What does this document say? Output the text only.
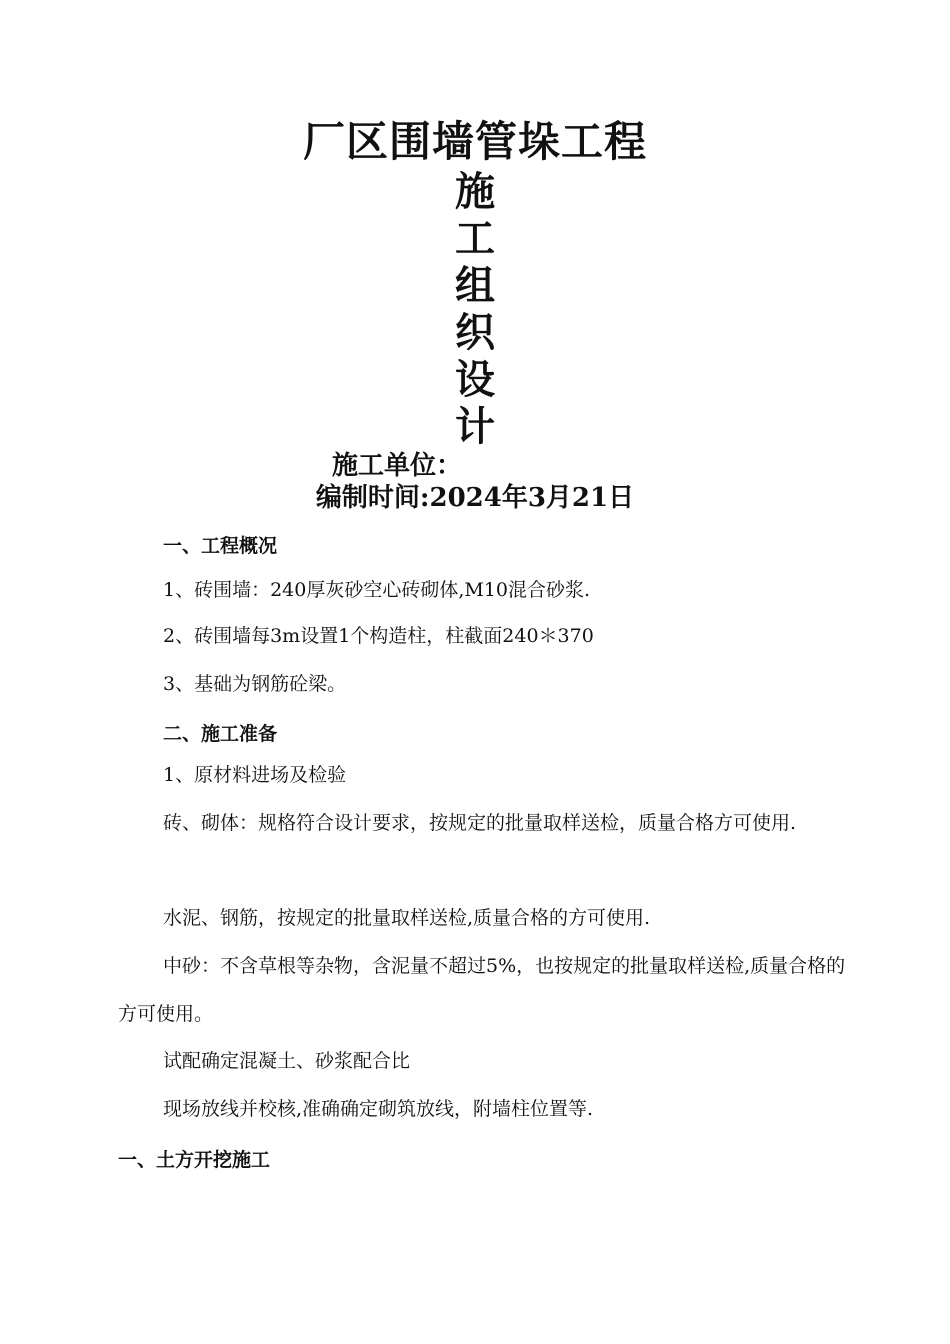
厂区围墙管垛工程
施
工
组
织
设
计
施工单位：
编制时间:2024年3月21日
一、工程概况
1、砖围墙：240厚灰砂空心砖砌体,M10混合砂浆.
2、砖围墙每3m设置1个构造柱，柱截面240＊370
3、基础为钢筋砼梁。
二、施工准备
1、原材料进场及检验
砖、砌体：规格符合设计要求，按规定的批量取样送检，质量合格方可使用.
水泥、钢筋，按规定的批量取样送检,质量合格的方可使用.
中砂：不含草根等杂物，含泥量不超过5%，也按规定的批量取样送检,质量合格的方可使用。
试配确定混凝土、砂浆配合比
现场放线并校核,准确确定砌筑放线，附墙柱位置等.
一、土方开挖施工
